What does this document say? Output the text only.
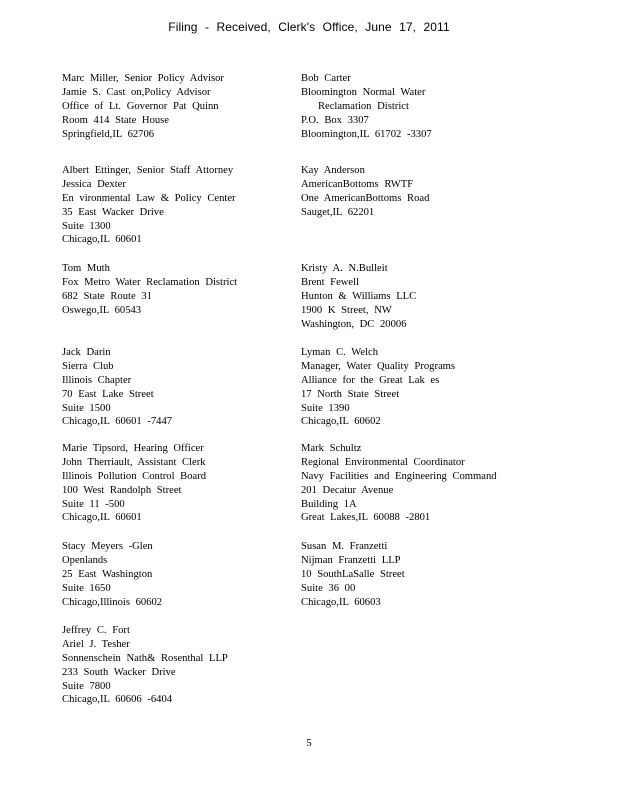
Filing - Received, Clerk's Office, June 17, 2011
Marc Miller, Senior Policy Advisor
Jamie S. Cast on,Policy Advisor
Office of Lt. Governor Pat Quinn
Room 414 State House
Springfield,IL 62706
Albert Ettinger, Senior Staff Attorney
Jessica Dexter
En vironmental Law & Policy Center
35 East Wacker Drive
Suite 1300
Chicago,IL 60601
Tom Muth
Fox Metro Water Reclamation District
682 State Route 31
Oswego,IL 60543
Jack Darin
Sierra Club
Illinois Chapter
70 East Lake Street
Suite 1500
Chicago,IL 60601 -7447
Marie Tipsord, Hearing Officer
John Therriault, Assistant Clerk
Illinois Pollution Control Board
100 West Randolph Street
Suite 11 -500
Chicago,IL 60601
Stacy Meyers -Glen
Openlands
25 East Washington
Suite 1650
Chicago,Illinois 60602
Jeffrey C. Fort
Ariel J. Tesher
Sonnenschein Nath& Rosenthal LLP
233 South Wacker Drive
Suite 7800
Chicago,IL 60606 -6404
Bob Carter
Bloomington Normal Water
Reclamation District
P.O. Box 3307
Bloomington,IL 61702 -3307
Kay Anderson
AmericanBottoms RWTF
One AmericanBottoms Road
Sauget,IL 62201
Kristy A. N.Bulleit
Brent Fewell
Hunton & Williams LLC
1900 K Street, NW
Washington, DC 20006
Lyman C. Welch
Manager, Water Quality Programs
Alliance for the Great Lak es
17 North State Street
Suite 1390
Chicago,IL 60602
Mark Schultz
Regional Environmental Coordinator
Navy Facilities and Engineering Command
201 Decatur Avenue
Building 1A
Great Lakes,IL 60088 -2801
Susan M. Franzetti
Nijman Franzetti LLP
10 SouthLaSalle Street
Suite 36 00
Chicago,IL 60603
5
